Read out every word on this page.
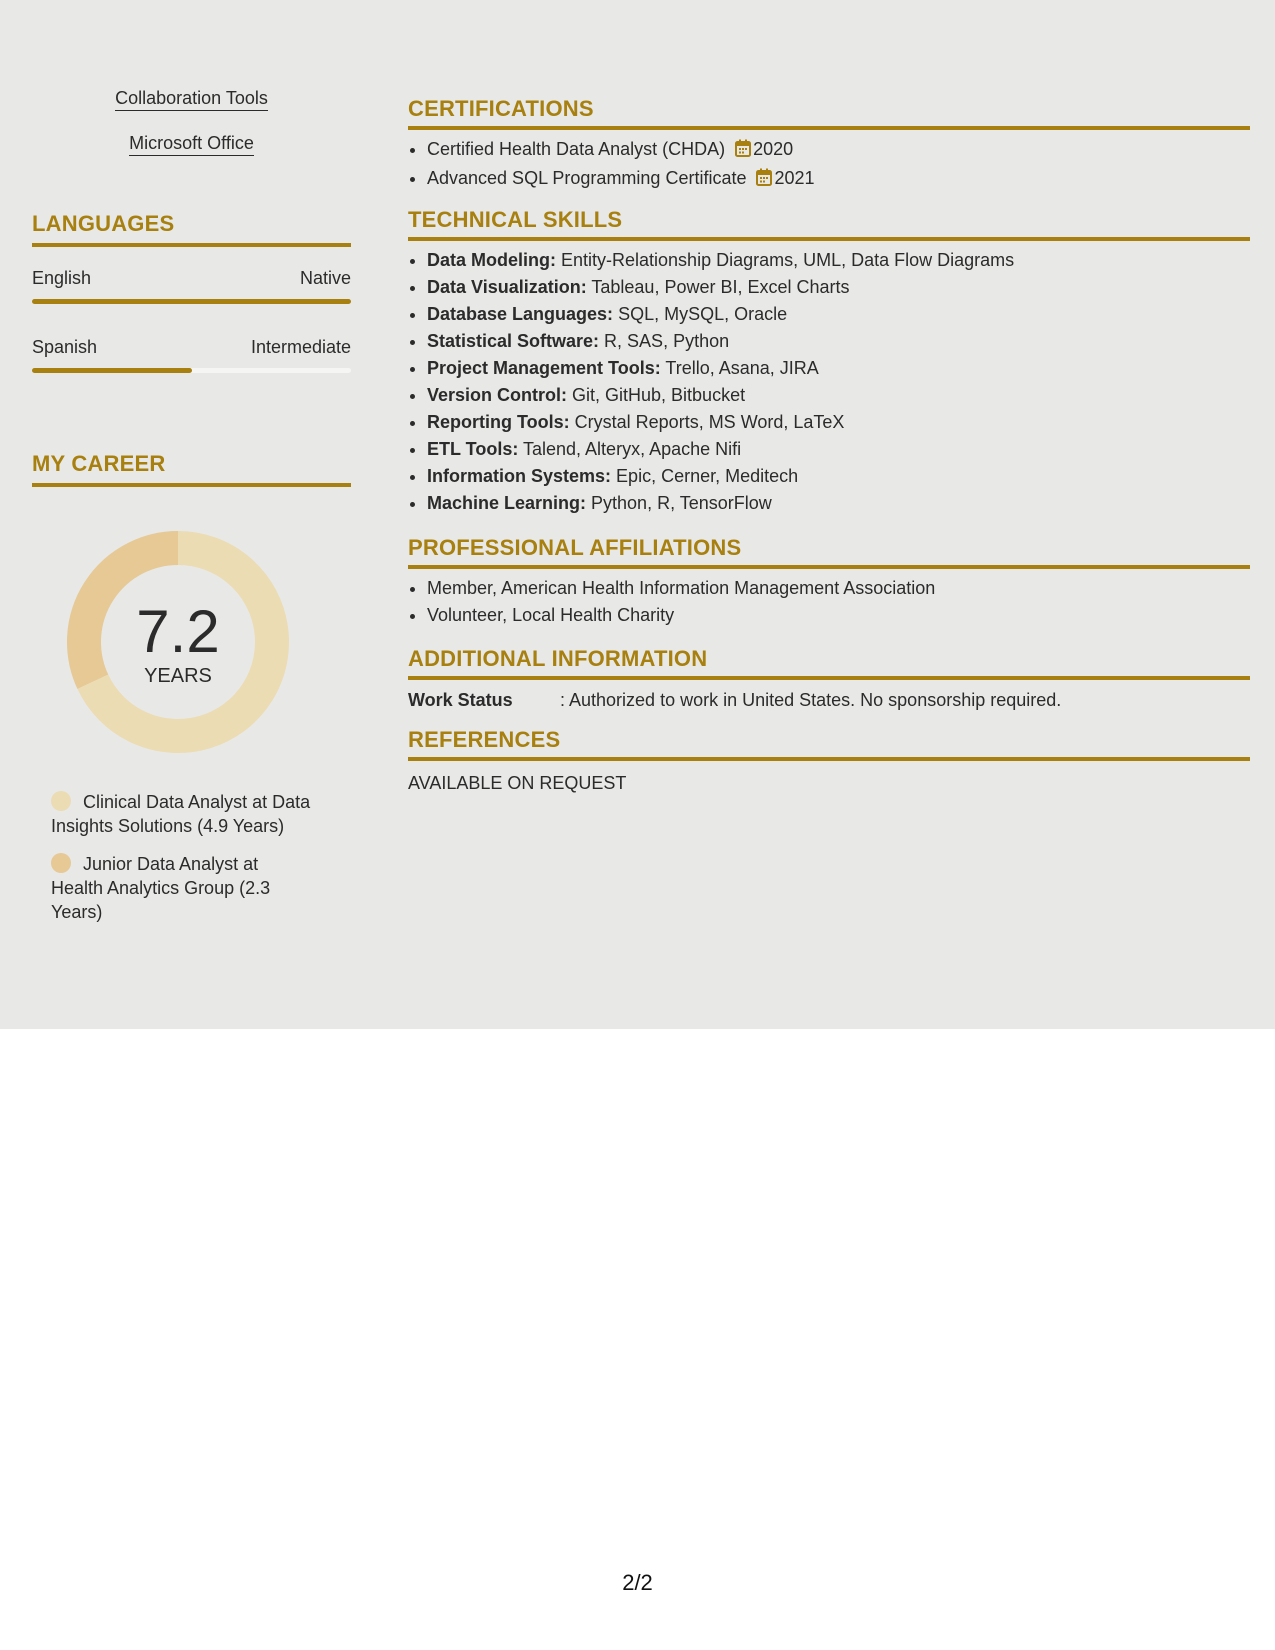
Collaboration Tools
Microsoft Office
LANGUAGES
English	Native
Spanish	Intermediate
MY CAREER
7.2
YEARS
Clinical Data Analyst at Data Insights Solutions (4.9 Years)
Junior Data Analyst at Health Analytics Group (2.3 Years)
CERTIFICATIONS
• Certified Health Data Analyst (CHDA) 2020
• Advanced SQL Programming Certificate 2021
TECHNICAL SKILLS
• Data Modeling: Entity-Relationship Diagrams, UML, Data Flow Diagrams
• Data Visualization: Tableau, Power BI, Excel Charts
• Database Languages: SQL, MySQL, Oracle
• Statistical Software: R, SAS, Python
• Project Management Tools: Trello, Asana, JIRA
• Version Control: Git, GitHub, Bitbucket
• Reporting Tools: Crystal Reports, MS Word, LaTeX
• ETL Tools: Talend, Alteryx, Apache Nifi
• Information Systems: Epic, Cerner, Meditech
• Machine Learning: Python, R, TensorFlow
PROFESSIONAL AFFILIATIONS
• Member, American Health Information Management Association
• Volunteer, Local Health Charity
ADDITIONAL INFORMATION
Work Status	: Authorized to work in United States. No sponsorship required.
REFERENCES
AVAILABLE ON REQUEST
2/2
